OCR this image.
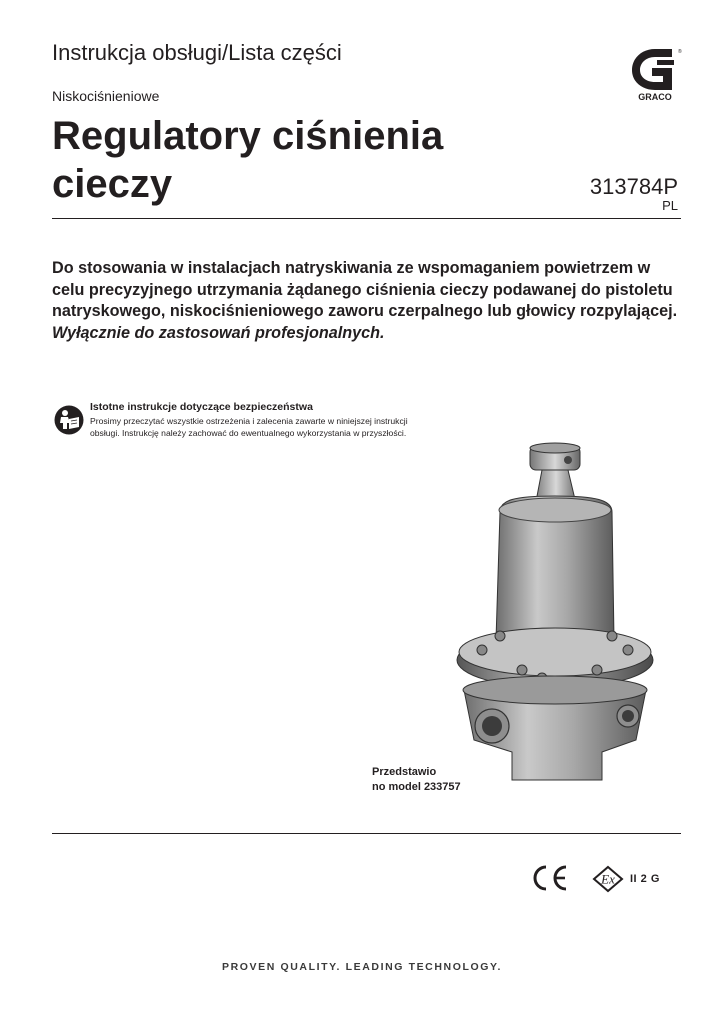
Instrukcja obsługi/Lista części
Niskociśnieniowe
Regulatory ciśnienia
cieczy	313784P
PL
GRACO
®
Do stosowania w instalacjach natryskiwania ze wspomaganiem powietrzem w celu precyzyjnego utrzymania żądanego ciśnienia cieczy podawanej do pistoletu natryskowego, niskociśnieniowego zaworu czerpalnego lub głowicy rozpylającej.
Wyłącznie do zastosowań profesjonalnych.
Istotne instrukcje dotyczące bezpieczeństwa
Prosimy przeczytać wszystkie ostrzeżenia i zalecenia zawarte w niniejszej instrukcji obsługi. Instrukcję należy zachować do ewentualnego wykorzystania w przyszłości.
Przedstawio
no model 233757
Ex II 2 G
PROVEN QUALITY. LEADING TECHNOLOGY.
